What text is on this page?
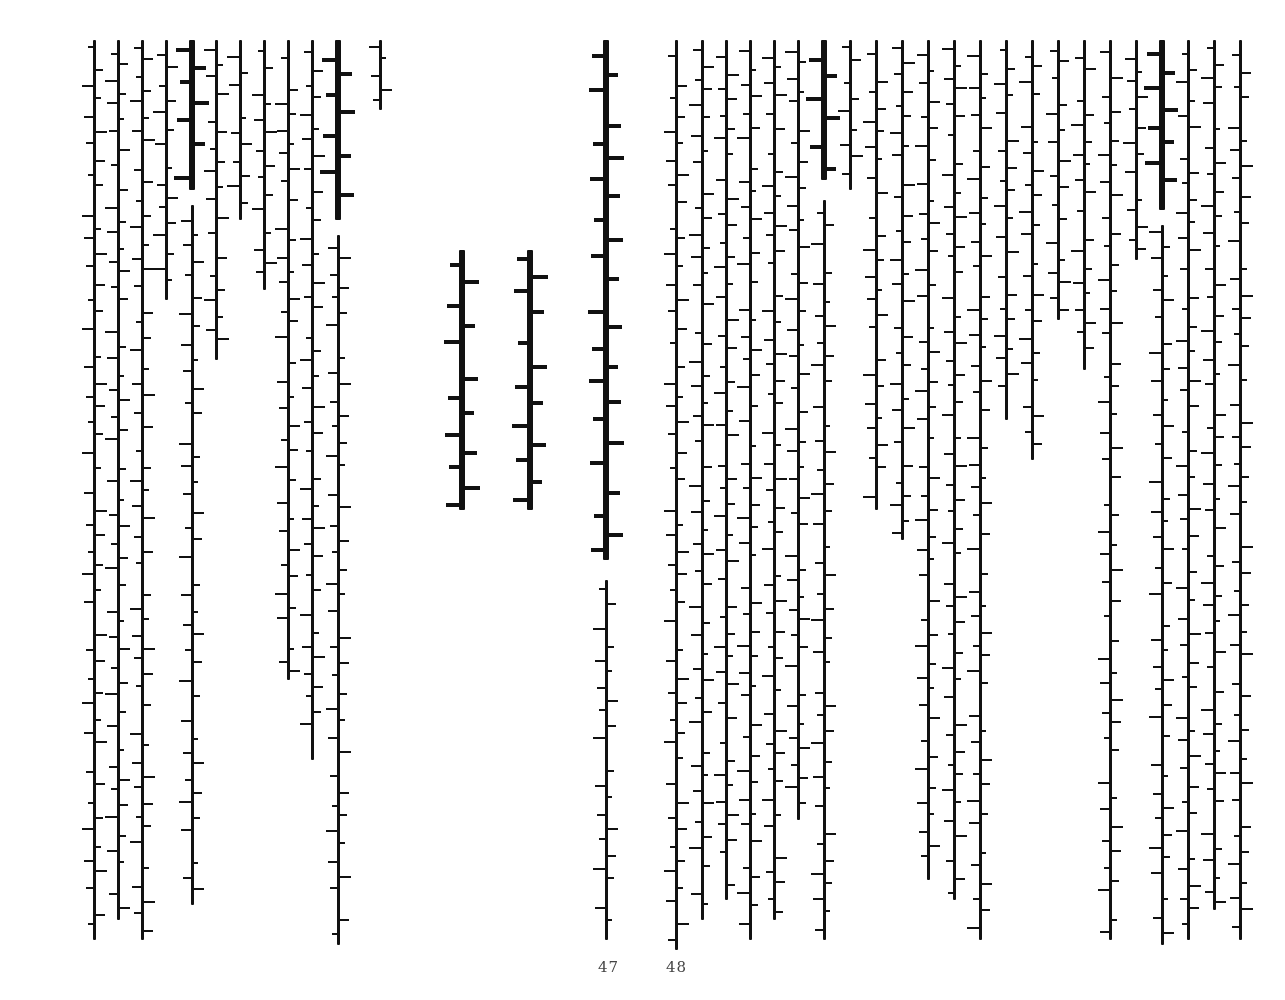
47	48
